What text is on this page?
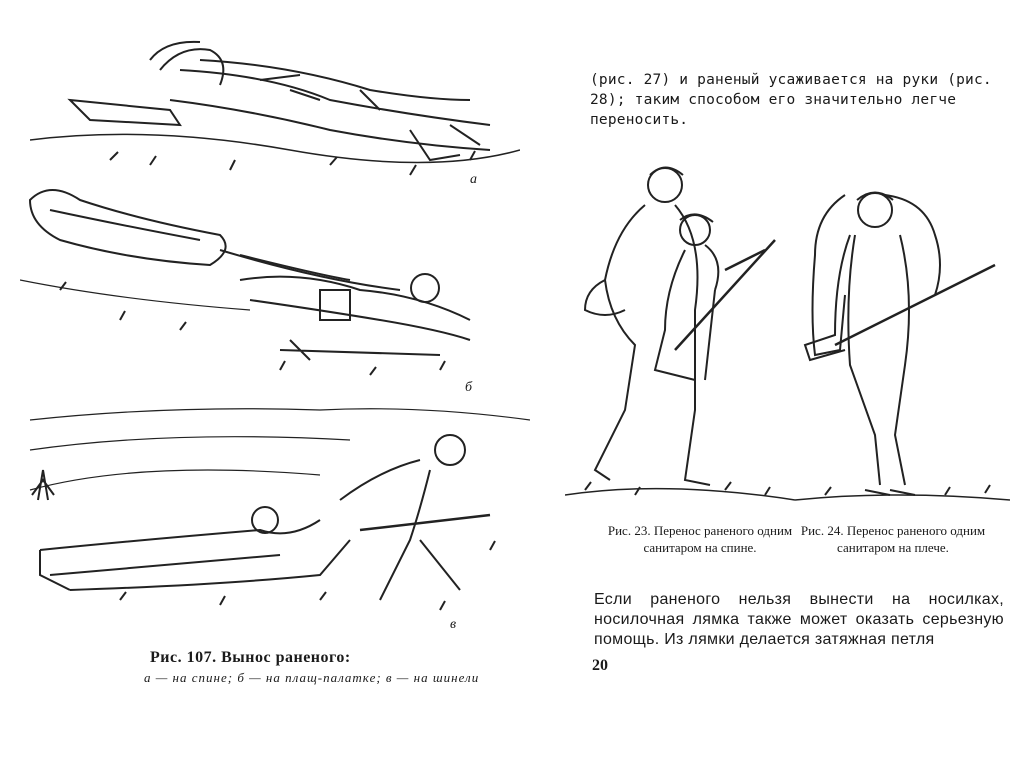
а
б
в
Рис. 107. Вынос раненого:
а — на спине; б — на плащ-палатке; в — на шинели
(рис. 27) и раненый усаживается на руки (рис. 28); таким способом его значительно легче переносить.
Рис. 23. Перенос раненого одним санитаром на спине.
Рис. 24. Перенос раненого одним санитаром на плече.
Если раненого нельзя вынести на носилках, носилочная лямка также может оказать серьезную помощь. Из лямки делается затяжная петля
20
